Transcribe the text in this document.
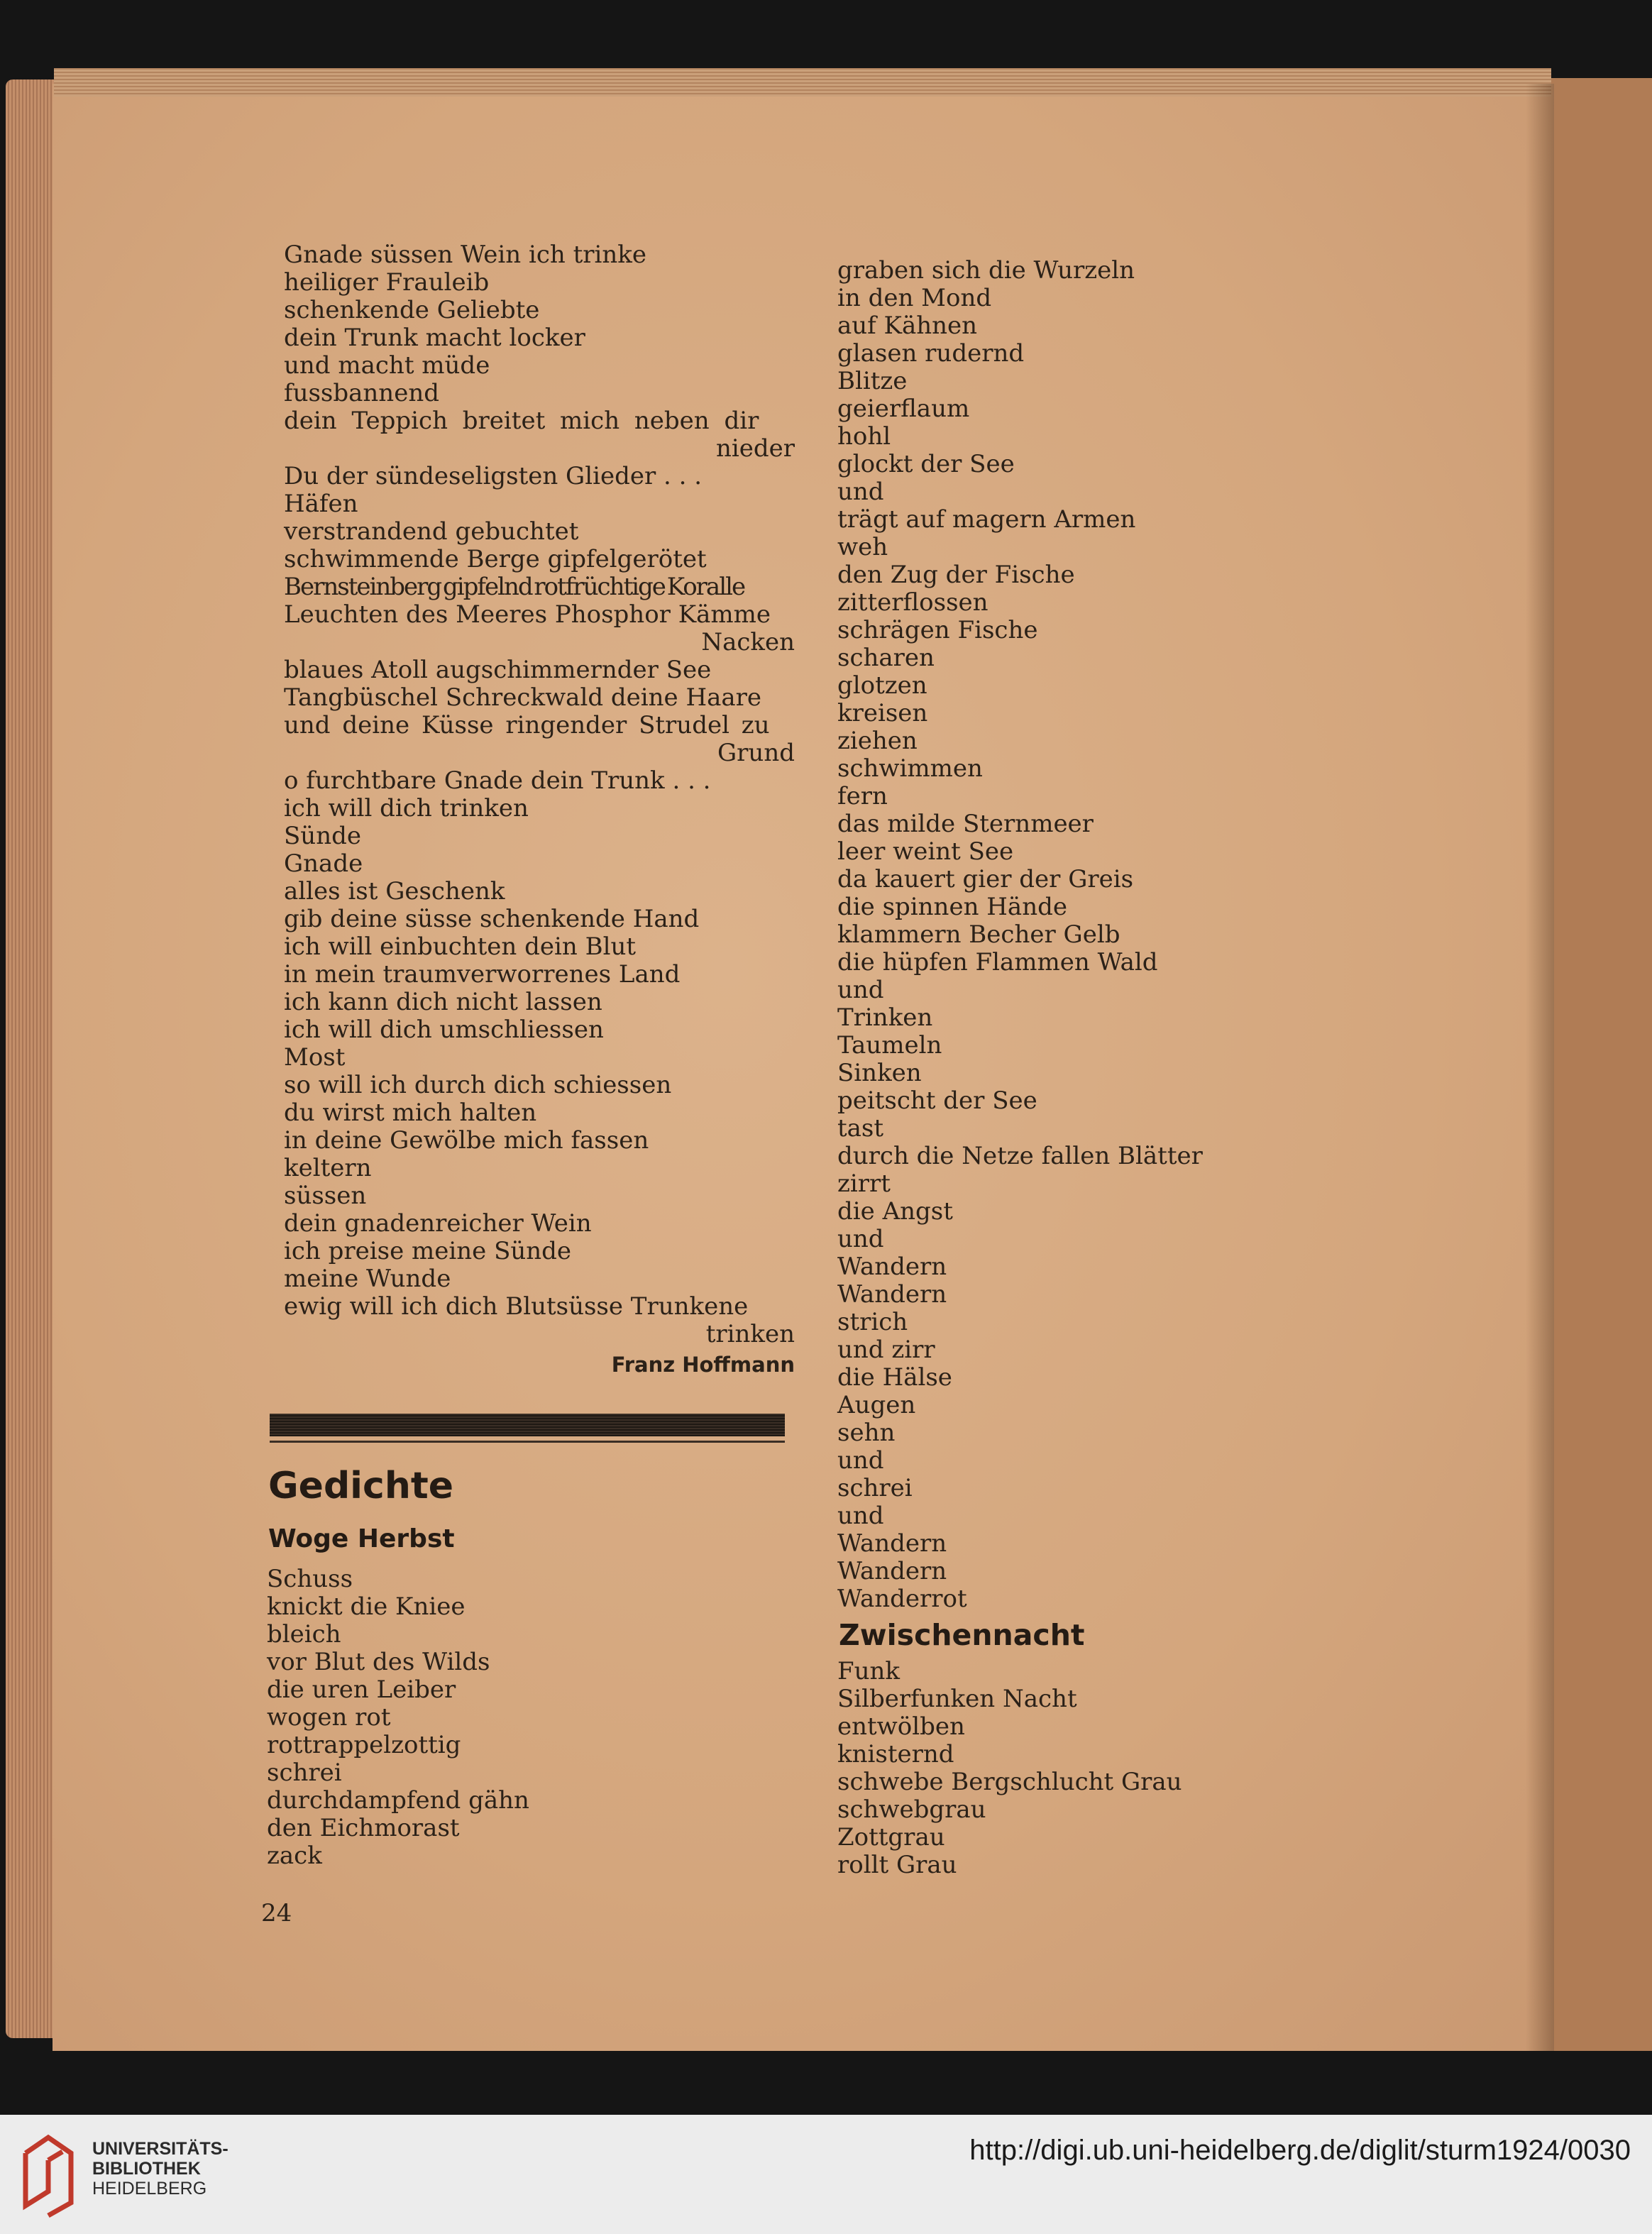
Gnade süssen Wein ich trinke
heiliger Frauleib
schenkende Geliebte
dein Trunk macht locker
und macht müde
fussbannend
dein Teppich breitet mich neben dir
nieder
Du der sündeseligsten Glieder . . .
Häfen
verstrandend gebuchtet
schwimmende Berge gipfelgerötet
Bernsteinberg gipfelnd rotfrüchtige Koralle
Leuchten des Meeres Phosphor Kämme
Nacken
blaues Atoll augschimmernder See
Tangbüschel Schreckwald deine Haare
und deine Küsse ringender Strudel zu
Grund
o furchtbare Gnade dein Trunk . . .
ich will dich trinken
Sünde
Gnade
alles ist Geschenk
gib deine süsse schenkende Hand
ich will einbuchten dein Blut
in mein traumverworrenes Land
ich kann dich nicht lassen
ich will dich umschliessen
Most
so will ich durch dich schiessen
du wirst mich halten
in deine Gewölbe mich fassen
keltern
süssen
dein gnadenreicher Wein
ich preise meine Sünde
meine Wunde
ewig will ich dich Blutsüsse Trunkene
trinken
Franz Hoffmann
Gedichte
Woge Herbst
Schuss
knickt die Kniee
bleich
vor Blut des Wilds
die uren Leiber
wogen rot
rottrappelzottig
schrei
durchdampfend gähn
den Eichmorast
zack
graben sich die Wurzeln
in den Mond
auf Kähnen
glasen rudernd
Blitze
geierflaum
hohl
glockt der See
und
trägt auf magern Armen
weh
den Zug der Fische
zitterflossen
schrägen Fische
scharen
glotzen
kreisen
ziehen
schwimmen
fern
das milde Sternmeer
leer weint See
da kauert gier der Greis
die spinnen Hände
klammern Becher Gelb
die hüpfen Flammen Wald
und
Trinken
Taumeln
Sinken
peitscht der See
tast
durch die Netze fallen Blätter
zirrt
die Angst
und
Wandern
Wandern
strich
und zirr
die Hälse
Augen
sehn
und
schrei
und
Wandern
Wandern
Wanderrot
Zwischennacht
Funk
Silberfunken Nacht
entwölben
knisternd
schwebe Bergschlucht Grau
schwebgrau
Zottgrau
rollt Grau
24
UNIVERSITÄTS-
BIBLIOTHEK
HEIDELBERG
http://digi.ub.uni-heidelberg.de/diglit/sturm1924/0030
